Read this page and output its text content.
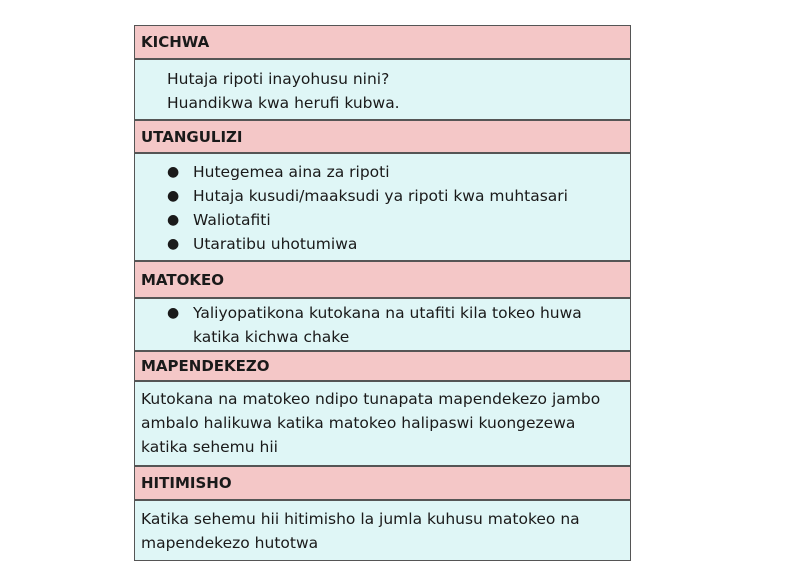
KICHWA
Hutaja ripoti inayohusu nini?
Huandikwa kwa herufi kubwa.
UTANGULIZI
● Hutegemea aina za ripoti
● Hutaja kusudi/maaksudi ya ripoti kwa muhtasari
● Waliotafiti
● Utaratibu uhotumiwa
MATOKEO
● Yaliyopatikona kutokana na utafiti kila tokeo huwa katika kichwa chake
MAPENDEKEZO
Kutokana na matokeo ndipo tunapata mapendekezo jambo ambalo halikuwa katika matokeo halipaswi kuongezewa katika sehemu hii
HITIMISHO
Katika sehemu hii hitimisho la jumla kuhusu matokeo na mapendekezo hutotwa
